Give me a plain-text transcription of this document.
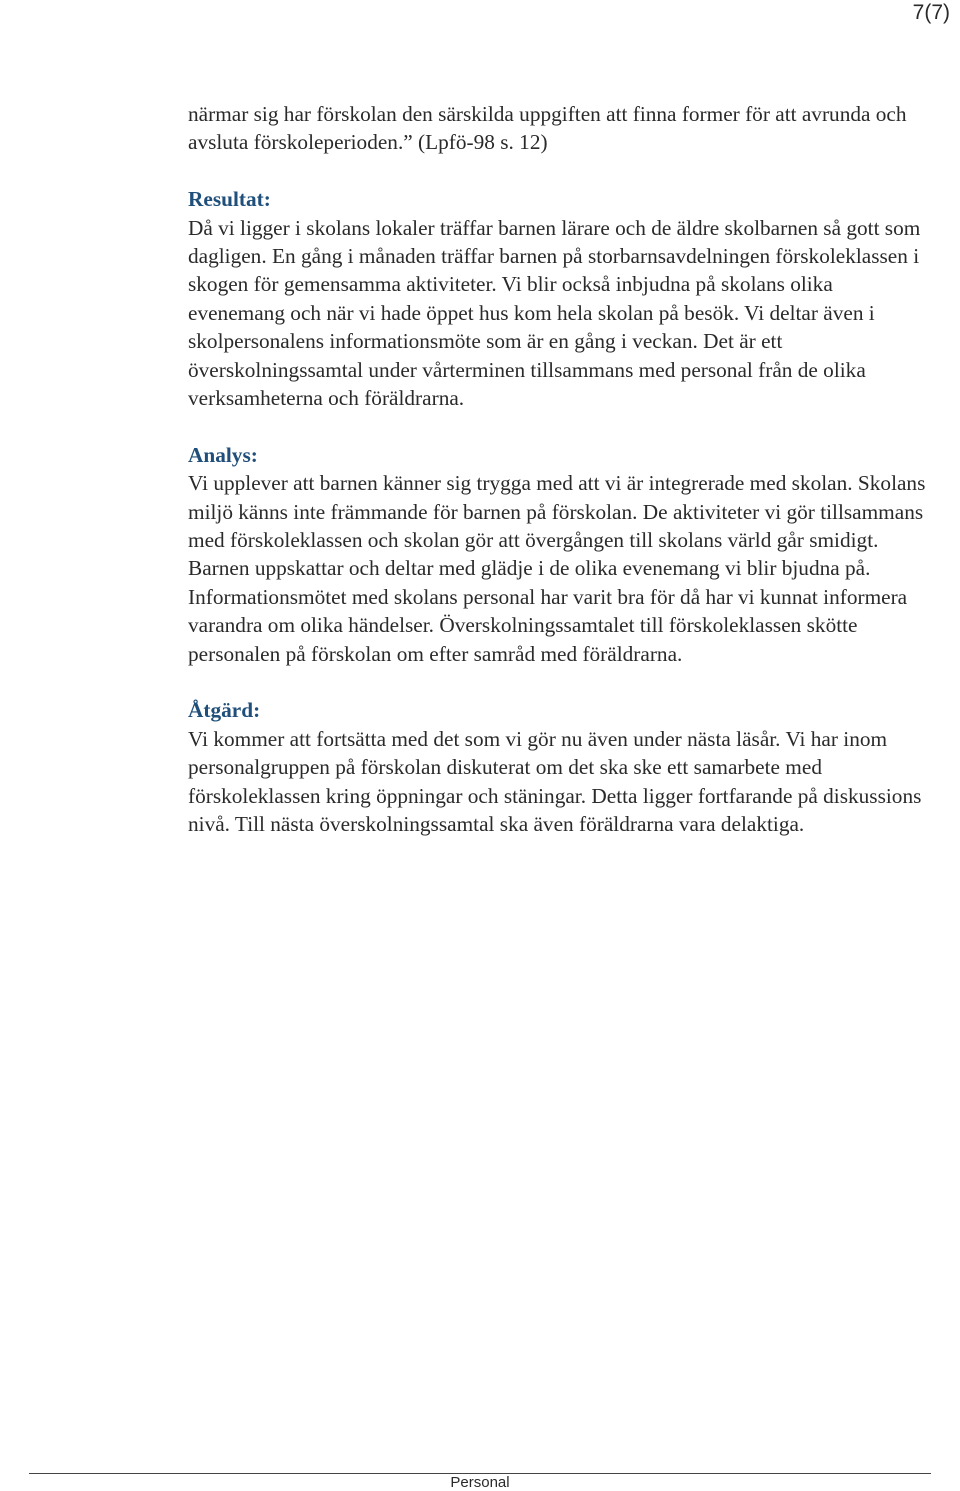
7(7)

närmar sig har förskolan den särskilda uppgiften att finna former för att avrunda och avsluta förskoleperioden.” (Lpfö-98 s. 12)

Resultat:

Då vi ligger i skolans lokaler träffar barnen lärare och de äldre skolbarnen så gott som dagligen. En gång i månaden träffar barnen på storbarnsavdelningen förskoleklassen i skogen för gemensamma aktiviteter. Vi blir också inbjudna på skolans olika evenemang och när vi hade öppet hus kom hela skolan på besök. Vi deltar även i skolpersonalens informationsmöte som är en gång i veckan. Det är ett överskolningssamtal under vårterminen tillsammans med personal från de olika verksamheterna och föräldrarna.

Analys:

Vi upplever att barnen känner sig trygga med att vi är integrerade med skolan. Skolans miljö känns inte främmande för barnen på förskolan. De aktiviteter vi gör tillsammans med förskoleklassen och skolan gör att övergången till skolans värld går smidigt. Barnen uppskattar och deltar med glädje i de olika evenemang vi blir bjudna på. Informationsmötet med skolans personal har varit bra för då har vi kunnat informera varandra om olika händelser. Överskolningssamtalet till förskoleklassen skötte personalen på förskolan om efter samråd med föräldrarna.

Åtgärd:

Vi kommer att fortsätta med det som vi gör nu även under nästa läsår. Vi har inom personalgruppen på förskolan diskuterat om det ska ske ett samarbete med förskoleklassen kring öppningar och stäningar. Detta ligger fortfarande på diskussions nivå. Till nästa överskolningssamtal ska även föräldrarna vara delaktiga.

Personal
